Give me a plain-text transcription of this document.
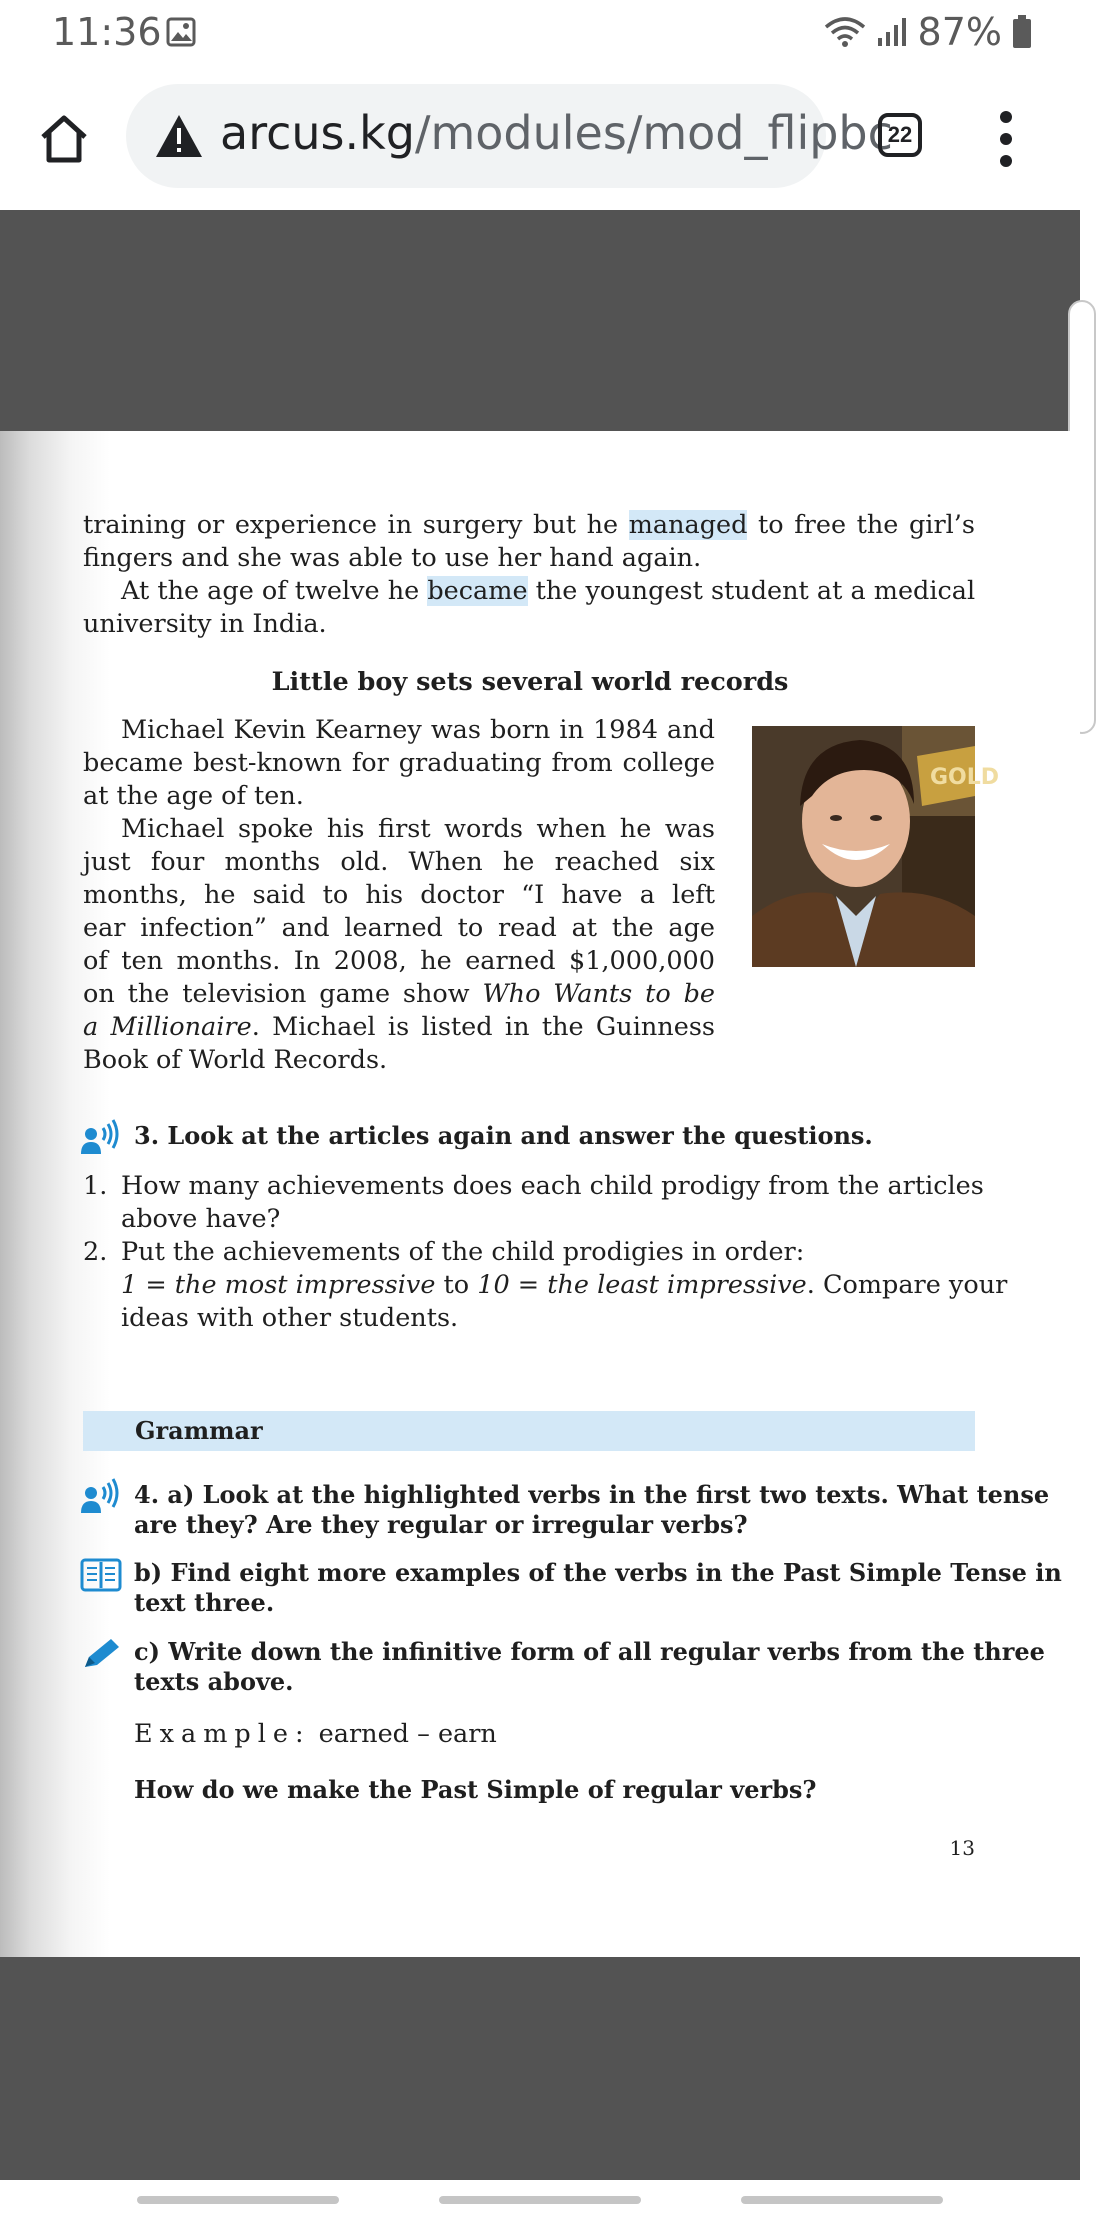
11:36	87%
arcus.kg/modules/mod_flipbc
22
training or experience in surgery but he managed to free the girl’s
fingers and she was able to use her hand again.
At the age of twelve he became the youngest student at a medical
university in India.
Little boy sets several world records
Michael Kevin Kearney was born in 1984 and
became best-known for graduating from college
at the age of ten.
Michael spoke his first words when he was
just four months old. When he reached six
months, he said to his doctor “I have a left
ear infection” and learned to read at the age
of ten months. In 2008, he earned $1,000,000
on the television game show Who Wants to be
a Millionaire. Michael is listed in the Guinness
Book of World Records.
GOLD
3. Look at the articles again and answer the questions.
1. How many achievements does each child prodigy from the articles
above have?
2. Put the achievements of the child prodigies in order:
1 = the most impressive to 10 = the least impressive. Compare your
ideas with other students.
Grammar
4. a) Look at the highlighted verbs in the first two texts. What tense
are they? Are they regular or irregular verbs?
b) Find eight more examples of the verbs in the Past Simple Tense in
text three.
c) Write down the infinitive form of all regular verbs from the three
texts above.
Example: earned – earn
How do we make the Past Simple of regular verbs?
13
